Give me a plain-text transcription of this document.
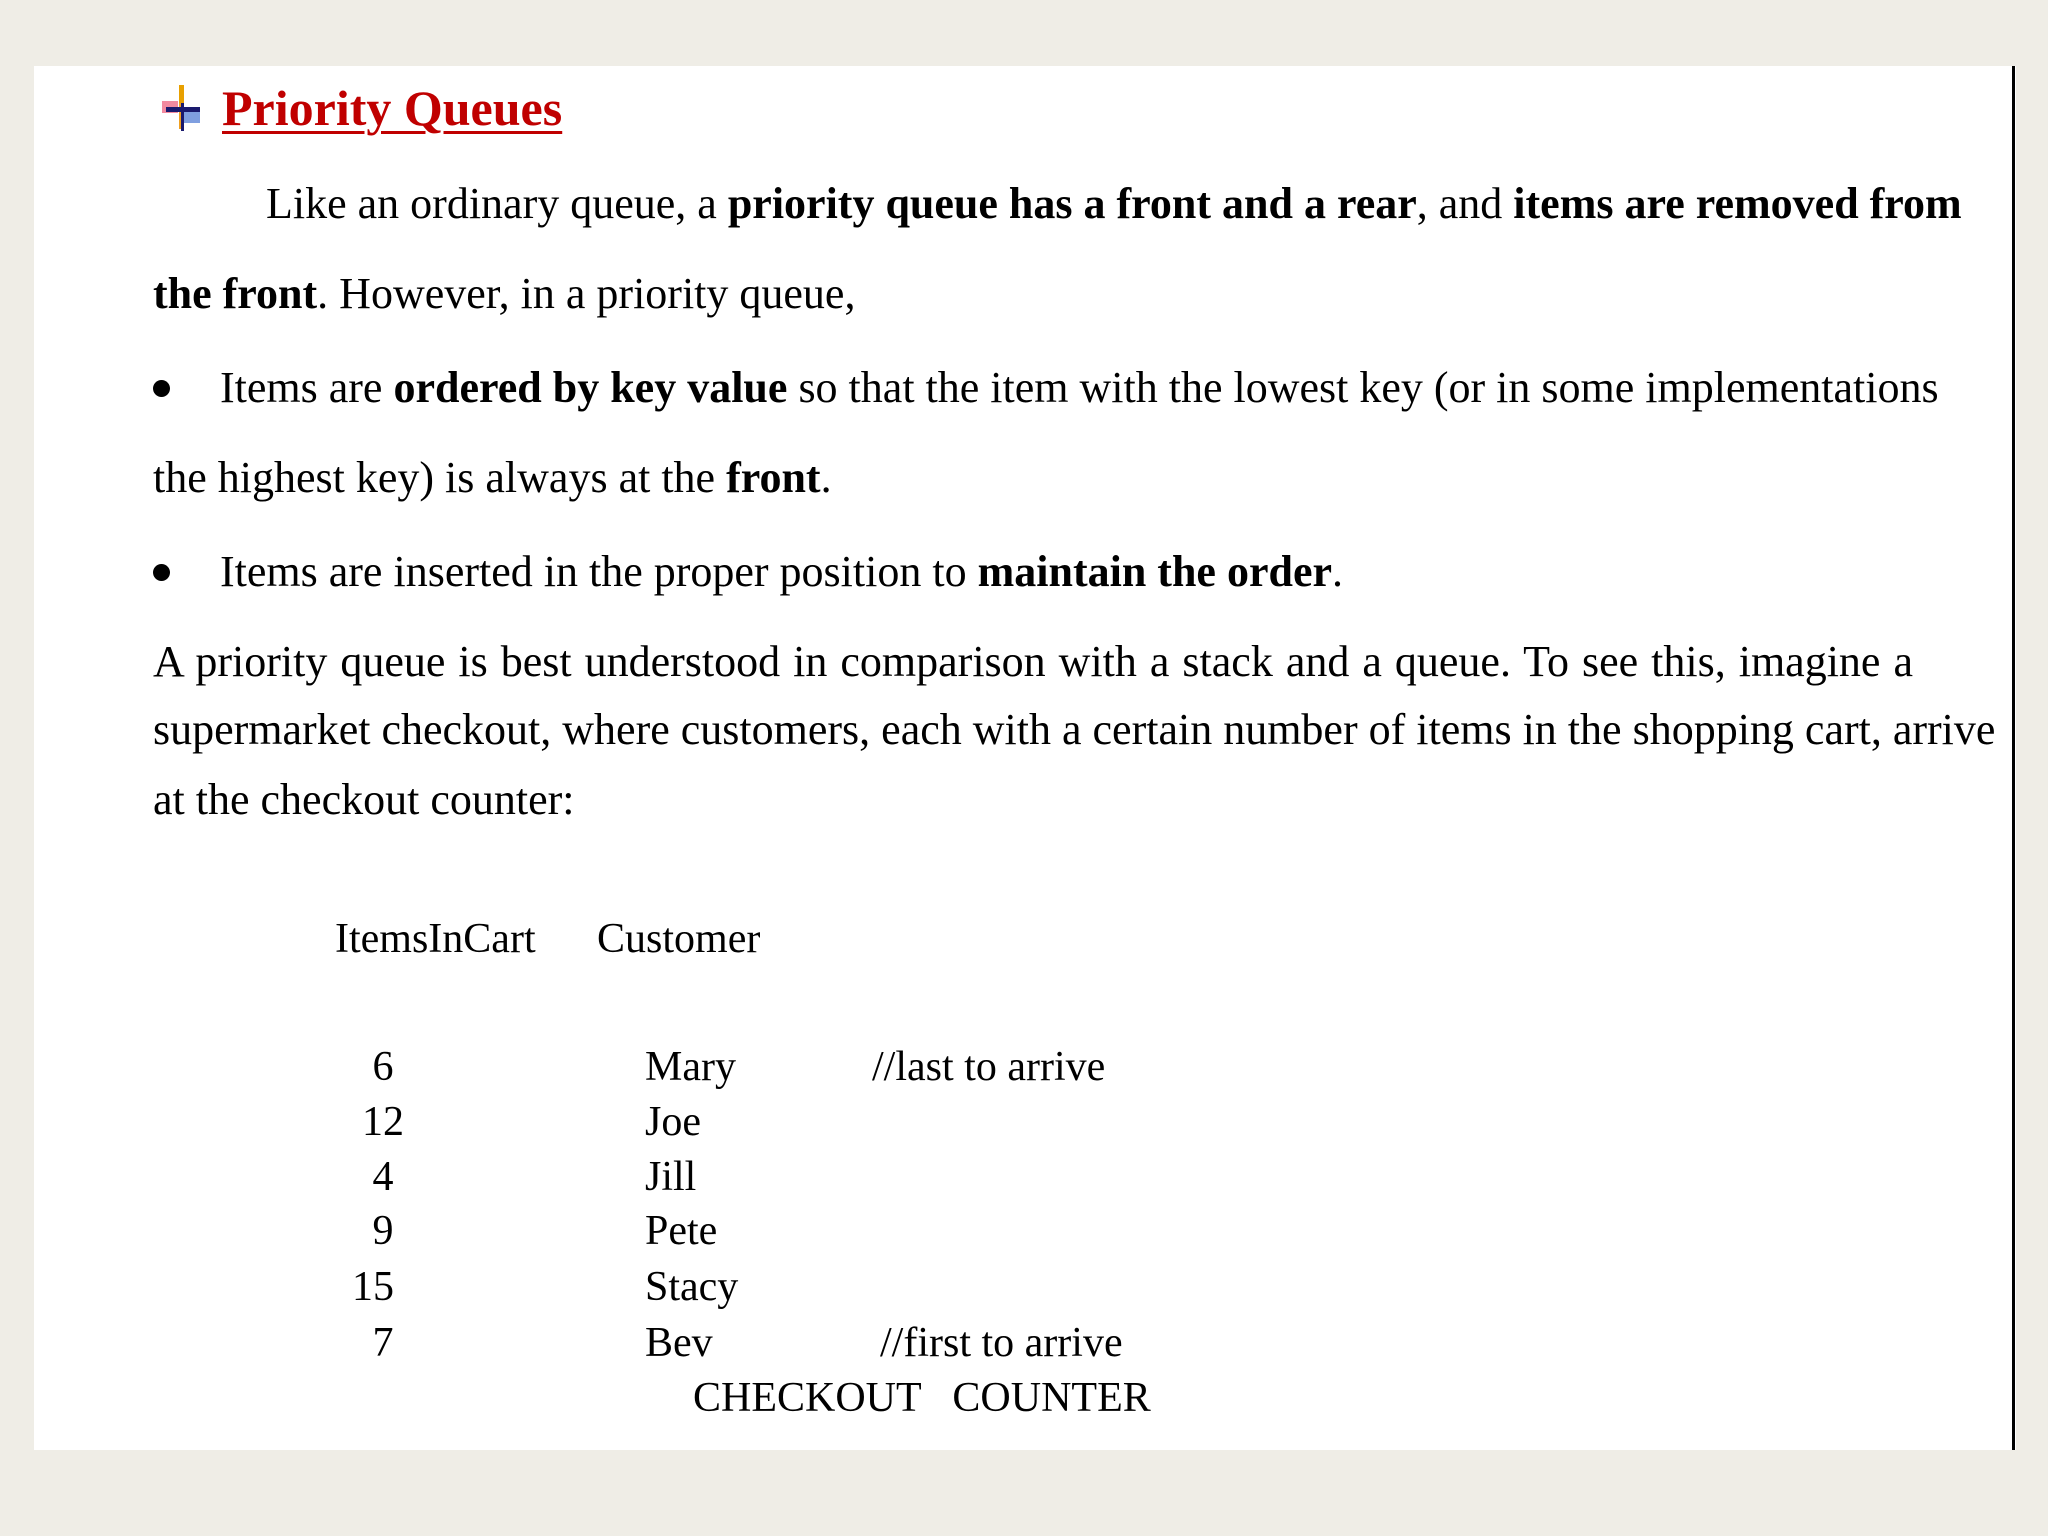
Priority Queues
Like an ordinary queue, a priority queue has a front and a rear, and items are removed from
the front. However, in a priority queue,
Items are ordered by key value so that the item with the lowest key (or in some implementations
the highest key) is always at the front.
Items are inserted in the proper position to maintain the order.
A priority queue is best understood in comparison with a stack and a queue. To see this, imagine a
supermarket checkout, where customers, each with a certain number of items in the shopping cart, arrive
at the checkout counter:
ItemsInCart Customer
6	Mary	//last to arrive
12	Joe
4	Jill
9	Pete
15	Stacy
7	Bev	//first to arrive
CHECKOUT   COUNTER
